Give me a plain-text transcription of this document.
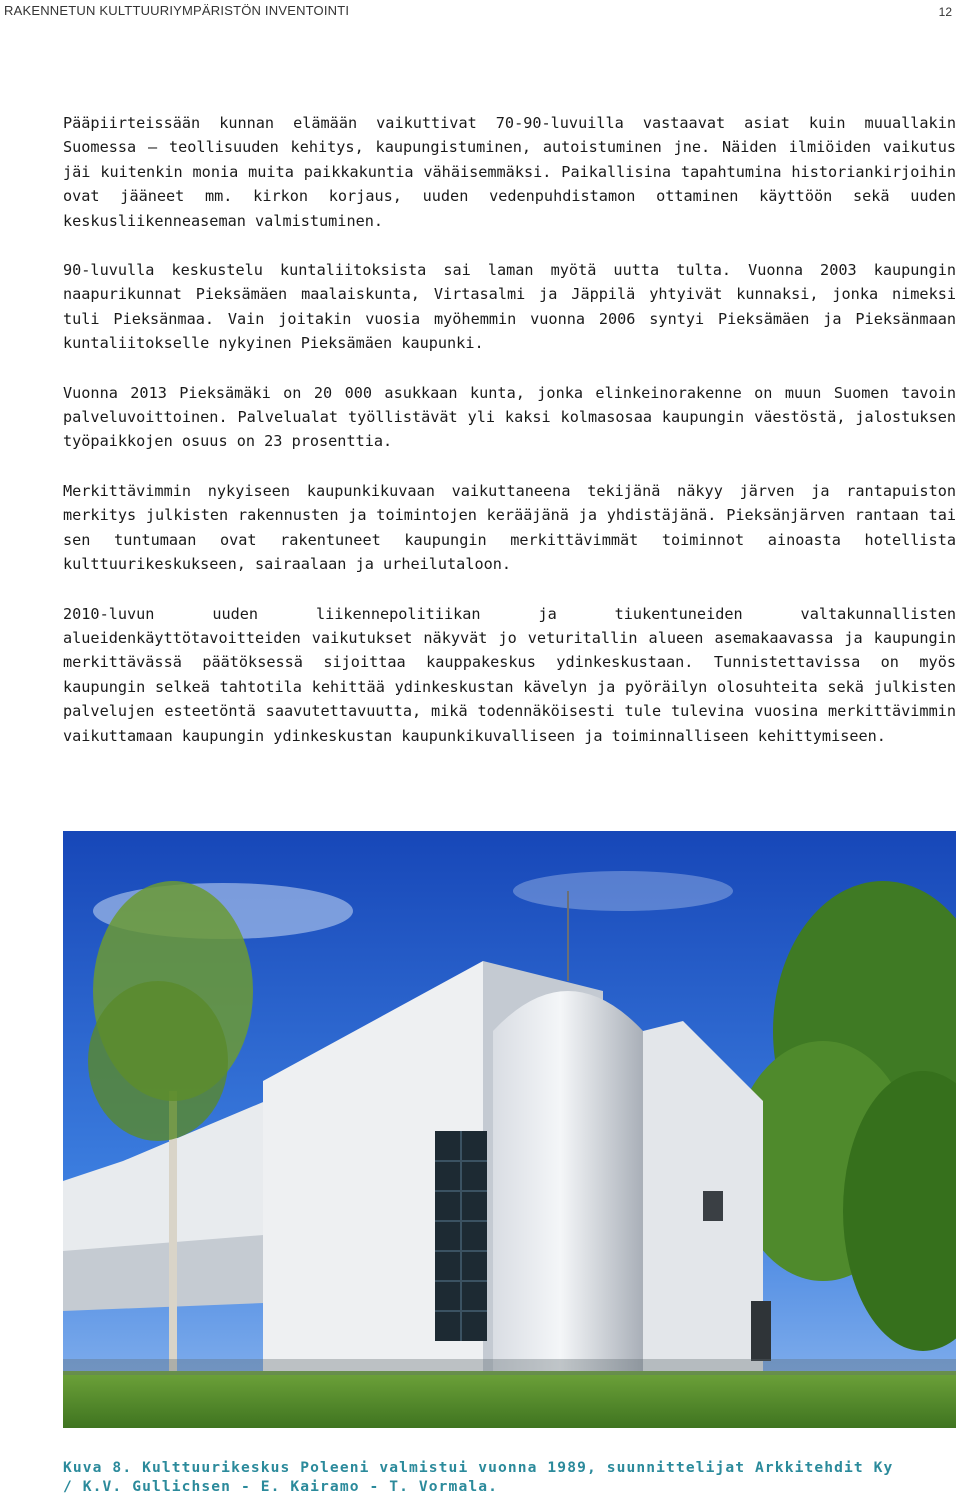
RAKENNETUN KULTTUURIYMPÄRISTÖN INVENTOINTI	12

Pääpiirteissään kunnan elämään vaikuttivat 70-90-luvuilla vastaavat asiat kuin muuallakin Suomessa – teollisuuden kehitys, kaupungistuminen, autoistuminen jne. Näiden ilmiöiden vaikutus jäi kuitenkin monia muita paikkakuntia vähäisemmäksi. Paikallisina tapahtumina historiankirjoihin ovat jääneet mm. kirkon korjaus, uuden vedenpuhdistamon ottaminen käyttöön sekä uuden keskusliikenneaseman valmistuminen.

90-luvulla keskustelu kuntaliitoksista sai laman myötä uutta tulta. Vuonna 2003 kaupungin naapurikunnat Pieksämäen maalaiskunta, Virtasalmi ja Jäppilä yhtyivät kunnaksi, jonka nimeksi tuli Pieksänmaa. Vain joitakin vuosia myöhemmin vuonna 2006 syntyi Pieksämäen ja Pieksänmaan kuntaliitokselle nykyinen Pieksämäen kaupunki.

Vuonna 2013 Pieksämäki on 20 000 asukkaan kunta, jonka elinkeinorakenne on muun Suomen tavoin palveluvoittoinen. Palvelualat työllistävät yli kaksi kolmasosaa kaupungin väestöstä, jalostuksen työpaikkojen osuus on 23 prosenttia.

Merkittävimmin nykyiseen kaupunkikuvaan vaikuttaneena tekijänä näkyy järven ja rantapuiston merkitys julkisten rakennusten ja toimintojen kerääjänä ja yhdistäjänä. Pieksänjärven rantaan tai sen tuntumaan ovat rakentuneet kaupungin merkittävimmät toiminnot ainoasta hotellista kulttuurikeskukseen, sairaalaan ja urheilutaloon.

2010-luvun uuden liikennepolitiikan ja tiukentuneiden valtakunnallisten alueidenkäyttötavoitteiden vaikutukset näkyvät jo veturitallin alueen asemakaavassa ja kaupungin merkittävässä päätöksessä sijoittaa kauppakeskus ydinkeskustaan. Tunnistettavissa on myös kaupungin selkeä tahtotila kehittää ydinkeskustan kävelyn ja pyöräilyn olosuhteita sekä julkisten palvelujen esteetöntä saavutettavuutta, mikä todennäköisesti tule tulevina vuosina merkittävimmin vaikuttamaan kaupungin ydinkeskustan kaupunkikuvalliseen ja toiminnalliseen kehittymiseen.

Kuva 8. Kulttuurikeskus Poleeni valmistui vuonna 1989, suunnittelijat Arkkitehdit Ky / K.V. Gullichsen - E. Kairamo - T. Vormala.
